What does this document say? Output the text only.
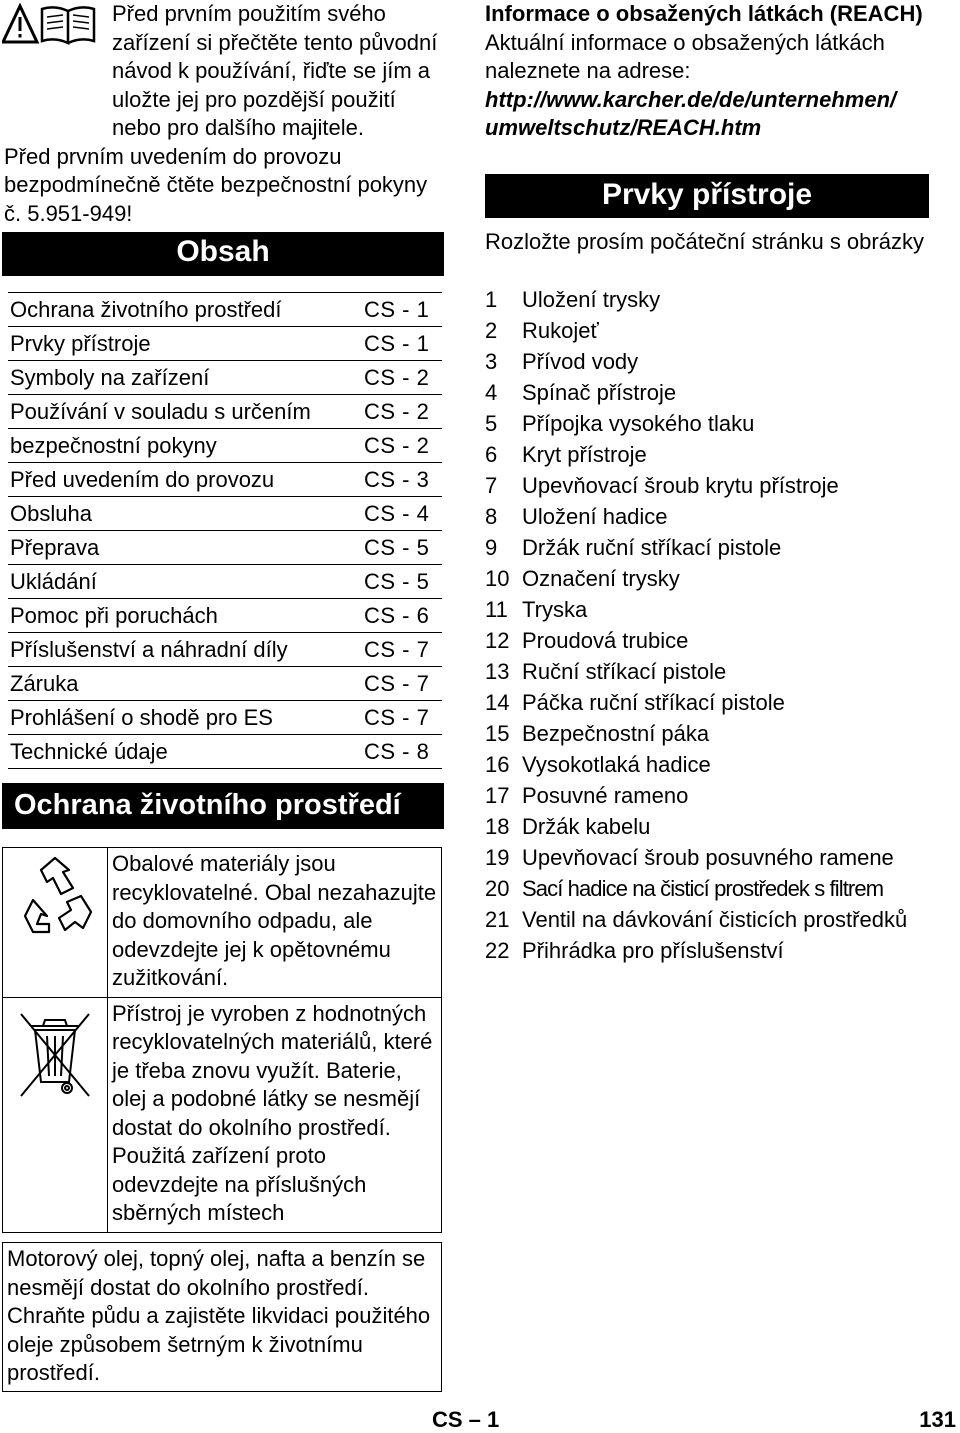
Před prvním použitím svého

zařízení si přečtěte tento původní návod k používání, řiďte se jím a uložte jej pro pozdější použití nebo pro dalšího majitele.

Před prvním uvedením do provozu bezpodmínečně čtěte bezpečnostní pokyny č. 5.951-949!

Obsah
Ochrana životního prostředí	CS - 1
Prvky přístroje	CS - 1
Symboly na zařízení	CS - 2
Používání v souladu s určením CS - 2
bezpečnostní pokyny	CS - 2
Před uvedením do provozu	CS - 3
Obsluha	CS - 4
Přeprava	CS - 5
Ukládání	CS - 5
Pomoc při poruchách	CS - 6
Příslušenství a náhradní díly	CS - 7
Záruka	CS - 7
Prohlášení o shodě pro ES	CS - 7
Technické údaje	CS - 8
Ochrana životního prostředí
	Obalové materiály jsou recyklovatelné. Obal nezahazujte do domovního odpadu, ale odevzdejte jej k opětovnému zužitkování.
	Přístroj je vyroben z hodnotných recyklovatelných materiálů, které je třeba znovu využít. Baterie, olej a podobné látky se nesmějí dostat do okolního prostředí. Použitá zařízení proto odevzdejte na příslušných sběrných místech
Motorový olej, topný olej, nafta a benzín se nesmějí dostat do okolního prostředí. Chraňte půdu a zajistěte likvidaci použitého oleje způsobem šetrným k životnímu prostředí.

Informace o obsažených látkách (REACH)

Aktuální informace o obsažených látkách naleznete na adrese:

http://www.karcher.de/de/unternehmen/ umweltschutz/REACH.htm

Prvky přístroje
Rozložte prosím počáteční stránku s obrázky
1	Uložení trysky
2	Rukojeť
3	Přívod vody
4	Spínač přístroje
5	Přípojka vysokého tlaku
6	Kryt přístroje
7	Upevňovací šroub krytu přístroje
8	Uložení hadice
9	Držák ruční stříkací pistole
10 Označení trysky
11 Tryska
12 Proudová trubice
13 Ruční stříkací pistole
14 Páčka ruční stříkací pistole
15 Bezpečnostní páka
16 Vysokotlaká hadice
17 Posuvné rameno
18 Držák kabelu
19 Upevňovací šroub posuvného ramene
20 Sací hadice na čisticí prostředek s filtrem
21 Ventil na dávkování čisticích prostředků
22 Přihrádka pro příslušenství
CS – 1	131
